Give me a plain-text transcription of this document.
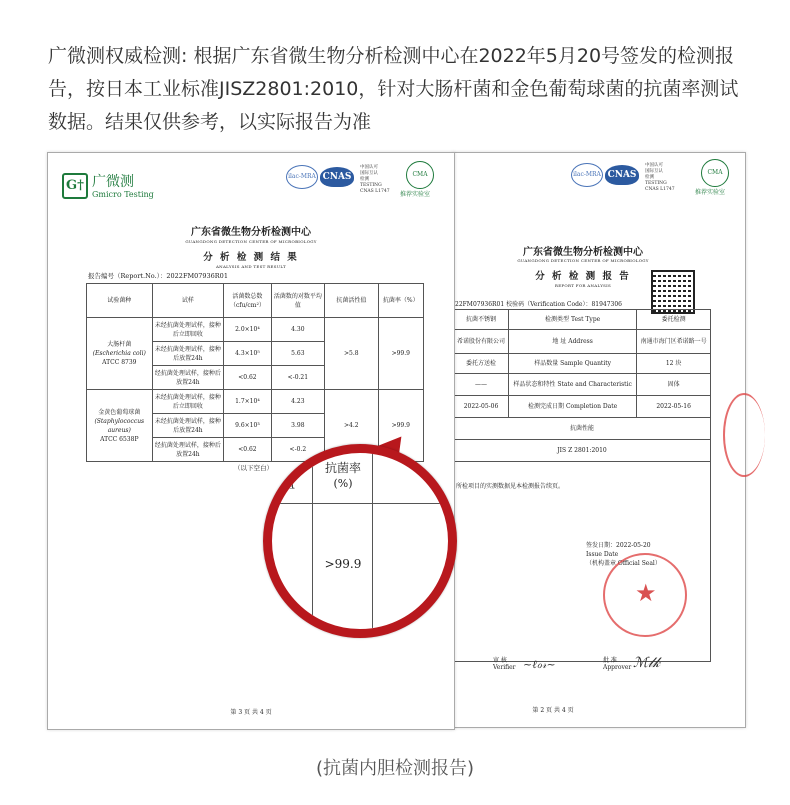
广微测权威检测: 根据广东省微生物分析检测中心在2022年5月20号签发的检测报告，按日本工业标准JISZ2801:2010，针对大肠杆菌和金色葡萄球菌的抗菌率测试数据。结果仅供参考，以实际报告为准
ilac-MRA CNAS
中国认可
国际互认
检测
TESTING
CNAS L1747
CMA
推荐实验室
广东省微生物分析检测中心
GUANGDONG DETECTION CENTER OF MICROBIOLOGY
分 析 检 测 报 告
REPORT FOR ANALYSIS
22FM07936R01 校验码（Verification Code）：81947306
抗菌不锈钢	检测类型 Test Type	委托检测
希诺股份有限公司	地 址 Address	南通市海门区希诺路一号
委托方送检	样品数量 Sample Quantity	12 块
——	样品状态和特性 State and Characteristic	固体
2022-05-06	检测完成日期 Completion Date	2022-05-16
抗菌性能		
JIS Z 2801:2010		

所检项目的实测数据见本检测报告续页。
签发日期：2022-05-20
Issue Date
（机构盖章 Official Seal）		
审 核 Verifier ~ℓℴ𝓇~	批 准 Approver ℳ𝓁𝓀
第 2 页 共 4 页
★
G† 广微测
Gmicro Testing
ilac-MRA CNAS
中国认可
国际互认
检测
TESTING
CNAS L1747
CMA
推荐实验室
广东省微生物分析检测中心
GUANGDONG DETECTION CENTER OF MICROBIOLOGY
分 析 检 测 结 果
ANALYSIS AND TEST RESULT
报告编号（Report.No.）：2022FM07936R01
试验菌种	试样	活菌数总数（cfu/cm²）	活菌数的对数平均值	抗菌活性值	抗菌率（%）

大肠杆菌
(Escherichia coli)
ATCC 8739	未经抗菌处理试样，接种后立即回收	2.0×10⁴	4.30	>5.8	>99.9
	未经抗菌处理试样，接种后放置24h	4.3×10⁵	5.63		
	经抗菌处理试样，接种后放置24h	<0.62	<-0.21		

金黄色葡萄球菌
(Staphylococcus aureus)
ATCC 6538P	未经抗菌处理试样，接种后立即回收	1.7×10⁴	4.23	>4.2	>99.9
	未经抗菌处理试样，接种后放置24h	9.6×10³	3.98		
	经抗菌处理试样，接种后放置24h	<0.62	<-0.2		
（以下空白）
第 3 页 共 4 页
值
抗菌率
(%)
>99.9
(抗菌内胆检测报告)
